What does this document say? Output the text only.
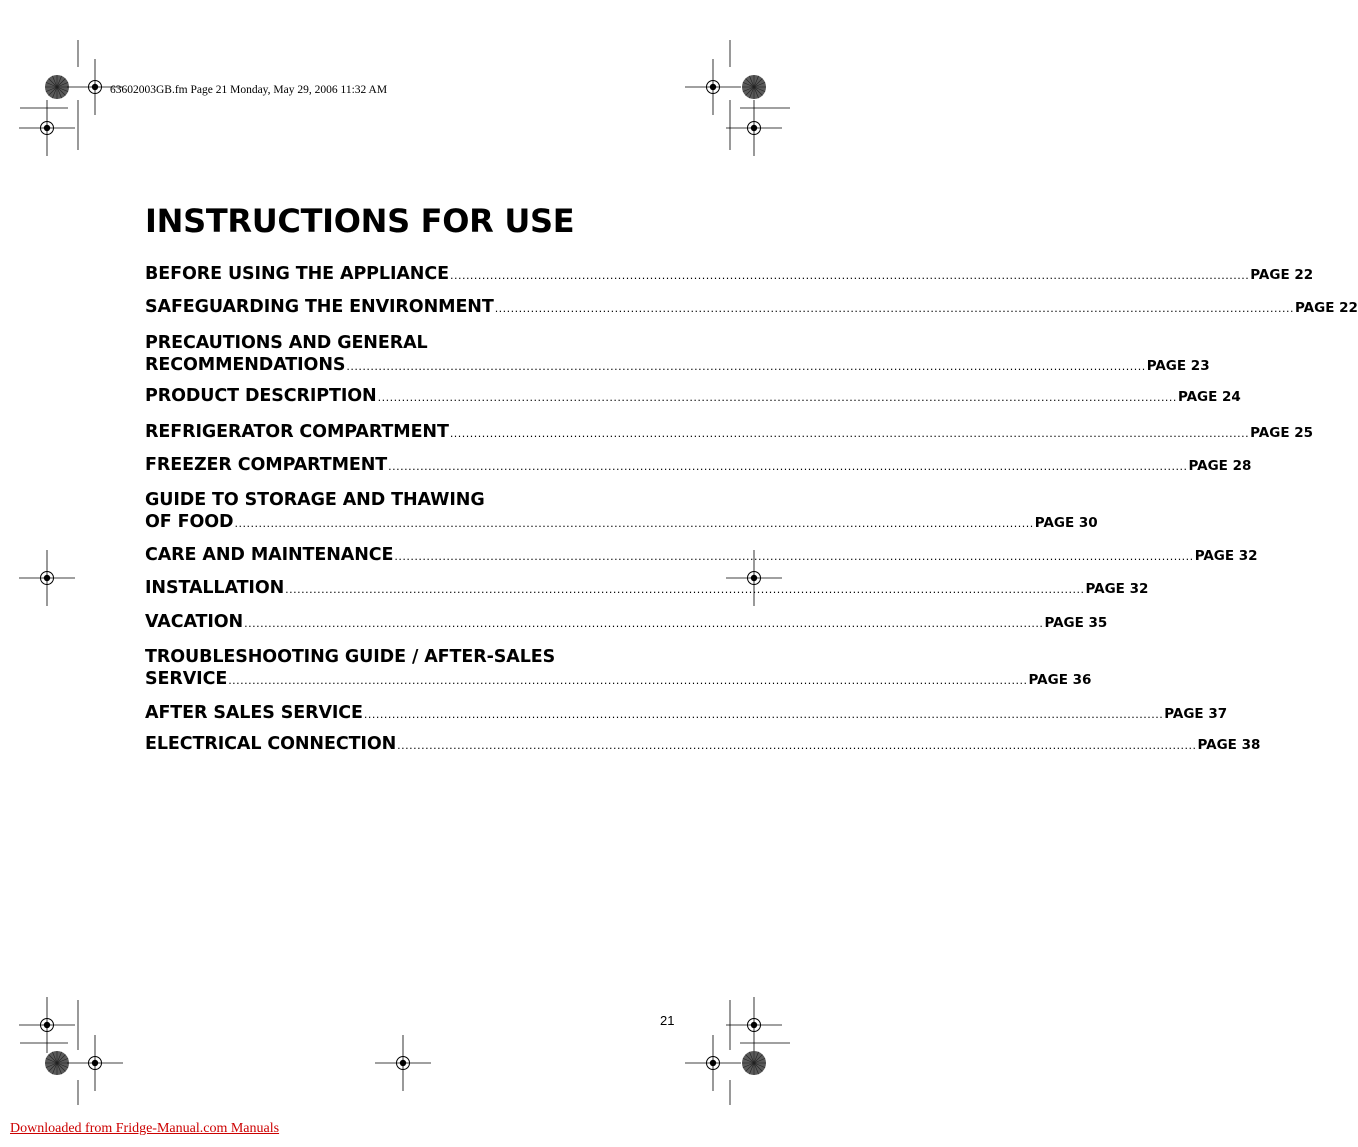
63602003GB.fm Page 21 Monday, May 29, 2006 11:32 AM
INSTRUCTIONS FOR USE
BEFORE USING THE APPLIANCE ........................................................................................................................................................................................................ PAGE 22
SAFEGUARDING THE ENVIRONMENT ........................................................................................................................................................................................................ PAGE 22
PRECAUTIONS AND GENERAL
RECOMMENDATIONS ........................................................................................................................................................................................................ PAGE 23
PRODUCT DESCRIPTION ........................................................................................................................................................................................................ PAGE 24
REFRIGERATOR COMPARTMENT ........................................................................................................................................................................................................ PAGE 25
FREEZER COMPARTMENT ........................................................................................................................................................................................................ PAGE 28
GUIDE TO STORAGE AND THAWING
OF FOOD ........................................................................................................................................................................................................ PAGE 30
CARE AND MAINTENANCE ........................................................................................................................................................................................................ PAGE 32
INSTALLATION ........................................................................................................................................................................................................ PAGE 32
VACATION ........................................................................................................................................................................................................ PAGE 35
TROUBLESHOOTING GUIDE / AFTER-SALES
SERVICE ........................................................................................................................................................................................................ PAGE 36
AFTER SALES SERVICE ........................................................................................................................................................................................................ PAGE 37
ELECTRICAL CONNECTION ........................................................................................................................................................................................................ PAGE 38
21
Downloaded from Fridge-Manual.com Manuals
